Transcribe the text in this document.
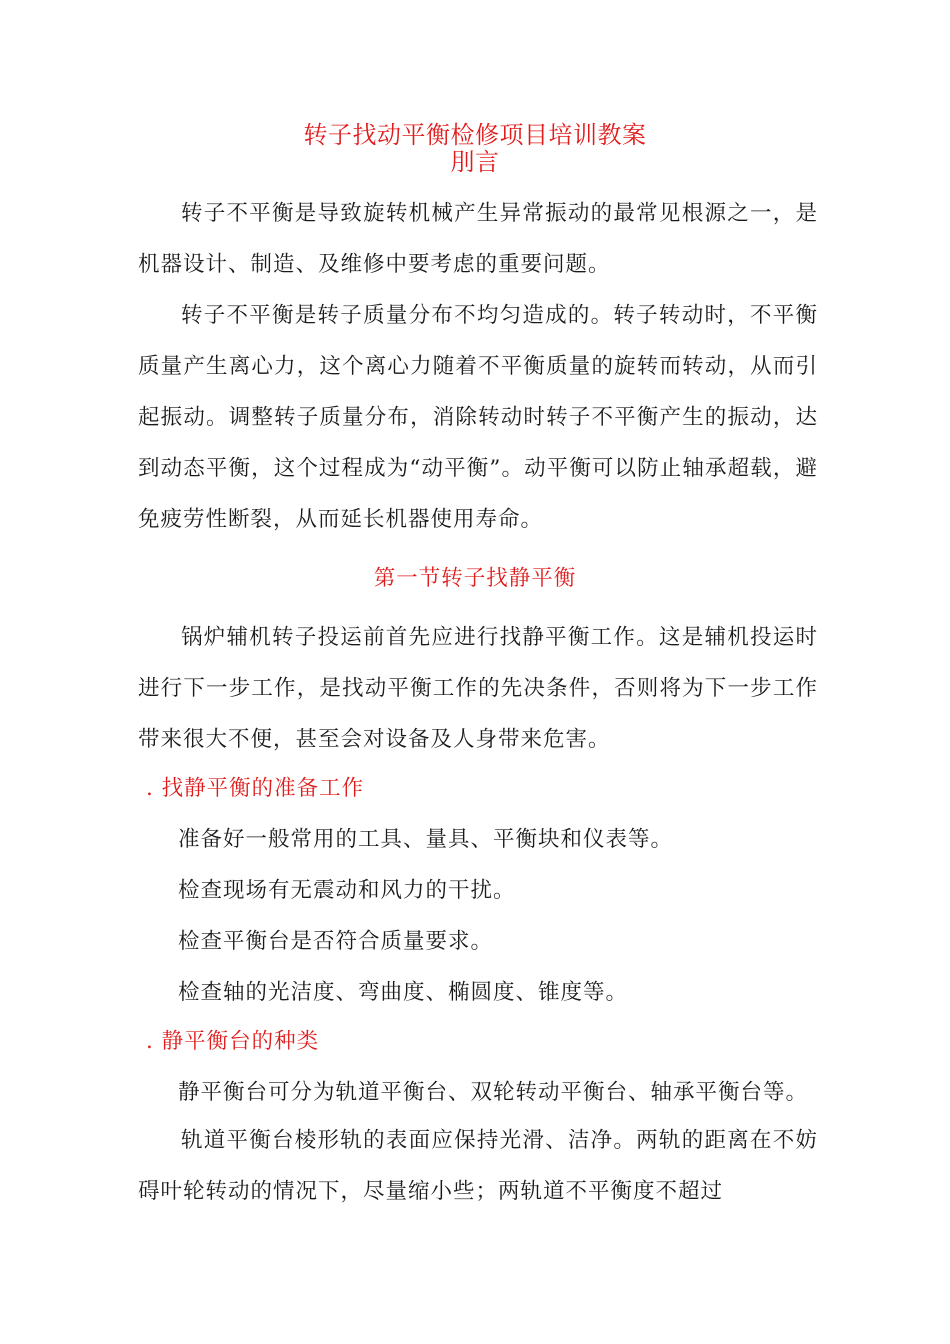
转子找动平衡检修项目培训教案
刖言

转子不平衡是导致旋转机械产生异常振动的最常见根源之一，是机器设计、制造、及维修中要考虑的重要问题。

转子不平衡是转子质量分布不均匀造成的。转子转动时，不平衡质量产生离心力，这个离心力随着不平衡质量的旋转而转动，从而引起振动。调整转子质量分布，消除转动时转子不平衡产生的振动，达到动态平衡，这个过程成为“动平衡”。动平衡可以防止轴承超载，避免疲劳性断裂，从而延长机器使用寿命。

第一节转子找静平衡

锅炉辅机转子投运前首先应进行找静平衡工作。这是辅机投运时进行下一步工作，是找动平衡工作的先决条件，否则将为下一步工作带来很大不便，甚至会对设备及人身带来危害。

. 找静平衡的准备工作
准备好一般常用的工具、量具、平衡块和仪表等。
检查现场有无震动和风力的干扰。
检查平衡台是否符合质量要求。
检查轴的光洁度、弯曲度、椭圆度、锥度等。
. 静平衡台的种类
静平衡台可分为轨道平衡台、双轮转动平衡台、轴承平衡台等。

轨道平衡台棱形轨的表面应保持光滑、洁净。两轨的距离在不妨碍叶轮转动的情况下，尽量缩小些；两轨道不平衡度不超过
